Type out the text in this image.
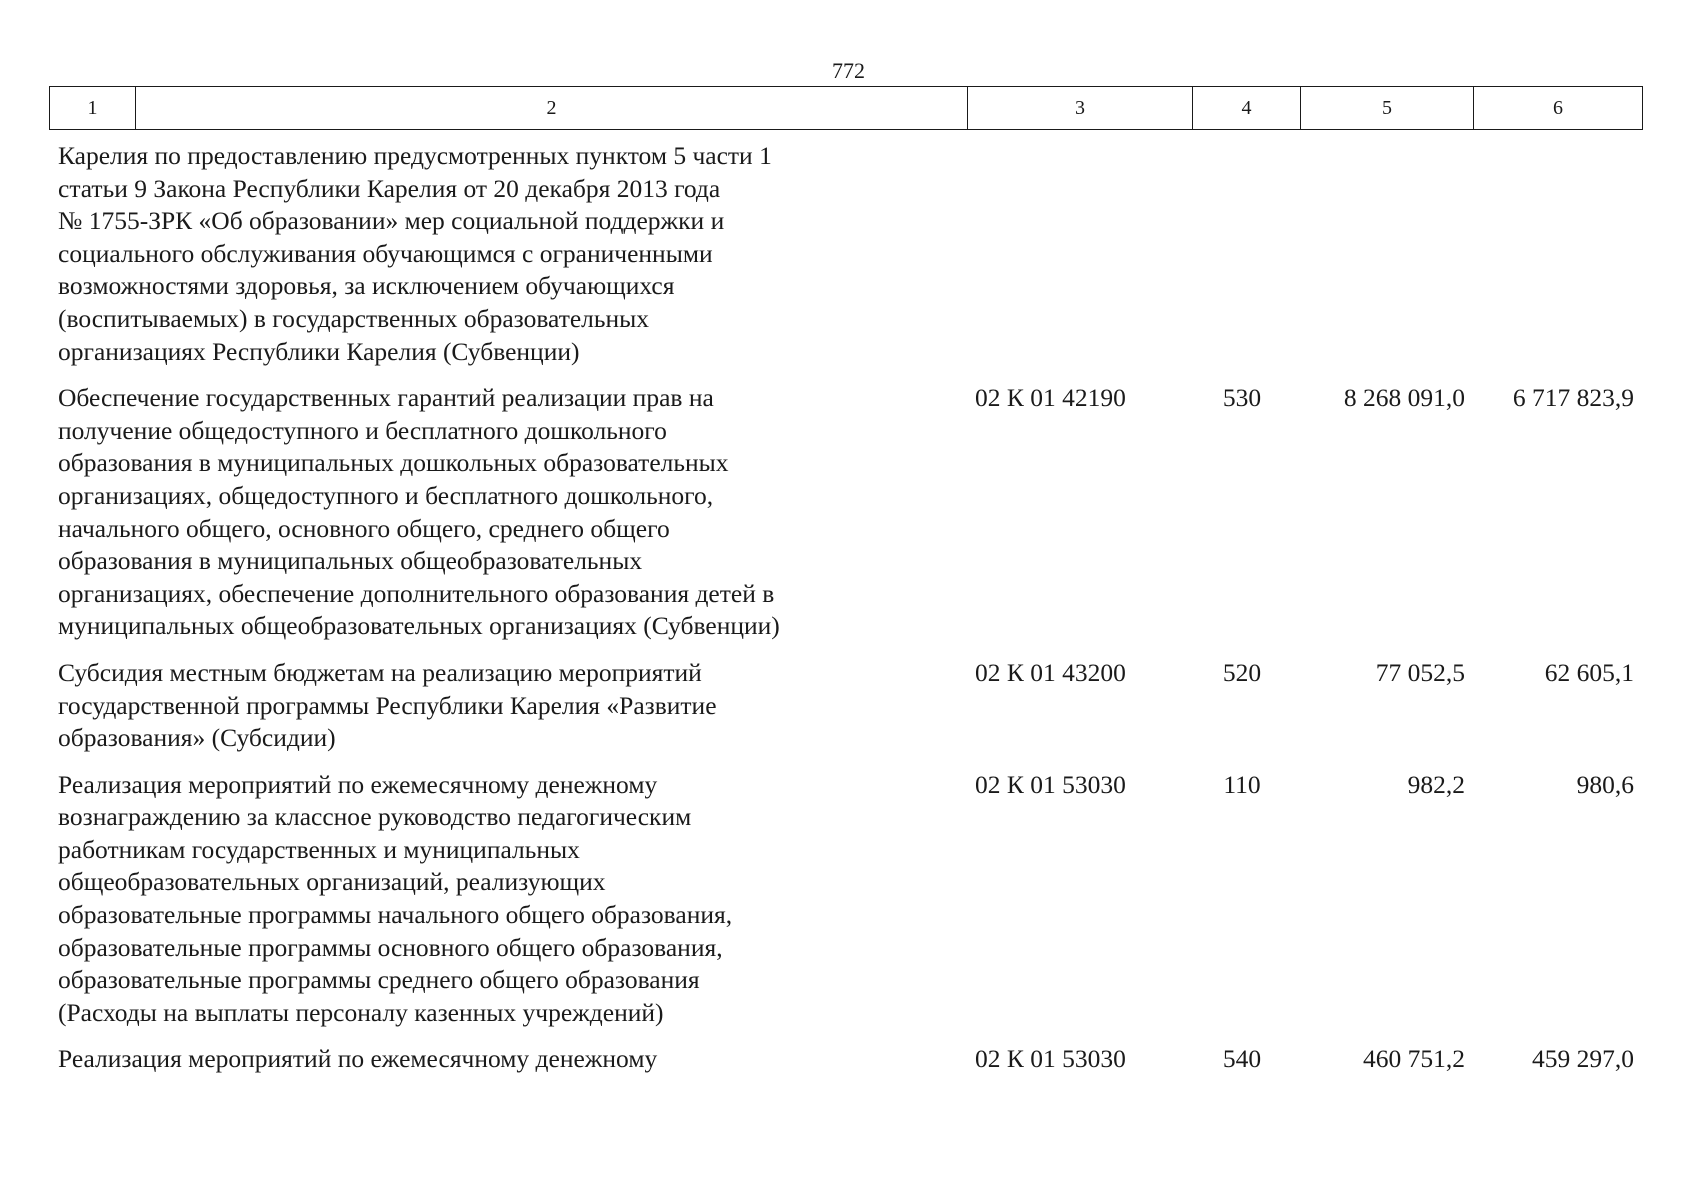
772
1	2	3	4	5	6
Карелия по предоставлению предусмотренных пунктом 5 части 1
статьи 9 Закона Республики Карелия от 20 декабря 2013 года
№ 1755-ЗРК «Об образовании» мер социальной поддержки и
социального обслуживания обучающимся с ограниченными
возможностями здоровья, за исключением обучающихся
(воспитываемых) в государственных образовательных
организациях Республики Карелия (Субвенции)
Обеспечение государственных гарантий реализации прав на
получение общедоступного и бесплатного дошкольного
образования в муниципальных дошкольных образовательных
организациях, общедоступного и бесплатного дошкольного,
начального общего, основного общего, среднего общего
образования в муниципальных общеобразовательных
организациях, обеспечение дополнительного образования детей в
муниципальных общеобразовательных организациях (Субвенции)
02 К 01 42190	530	8 268 091,0	6 717 823,9
Субсидия местным бюджетам на реализацию мероприятий
государственной программы Республики Карелия «Развитие
образования» (Субсидии)
02 К 01 43200	520	77 052,5	62 605,1
Реализация мероприятий по ежемесячному денежному
вознаграждению за классное руководство педагогическим
работникам государственных и муниципальных
общеобразовательных организаций, реализующих
образовательные программы начального общего образования,
образовательные программы основного общего образования,
образовательные программы среднего общего образования
(Расходы на выплаты персоналу казенных учреждений)
02 К 01 53030	110	982,2	980,6
Реализация мероприятий по ежемесячному денежному	02 К 01 53030	540	460 751,2	459 297,0
